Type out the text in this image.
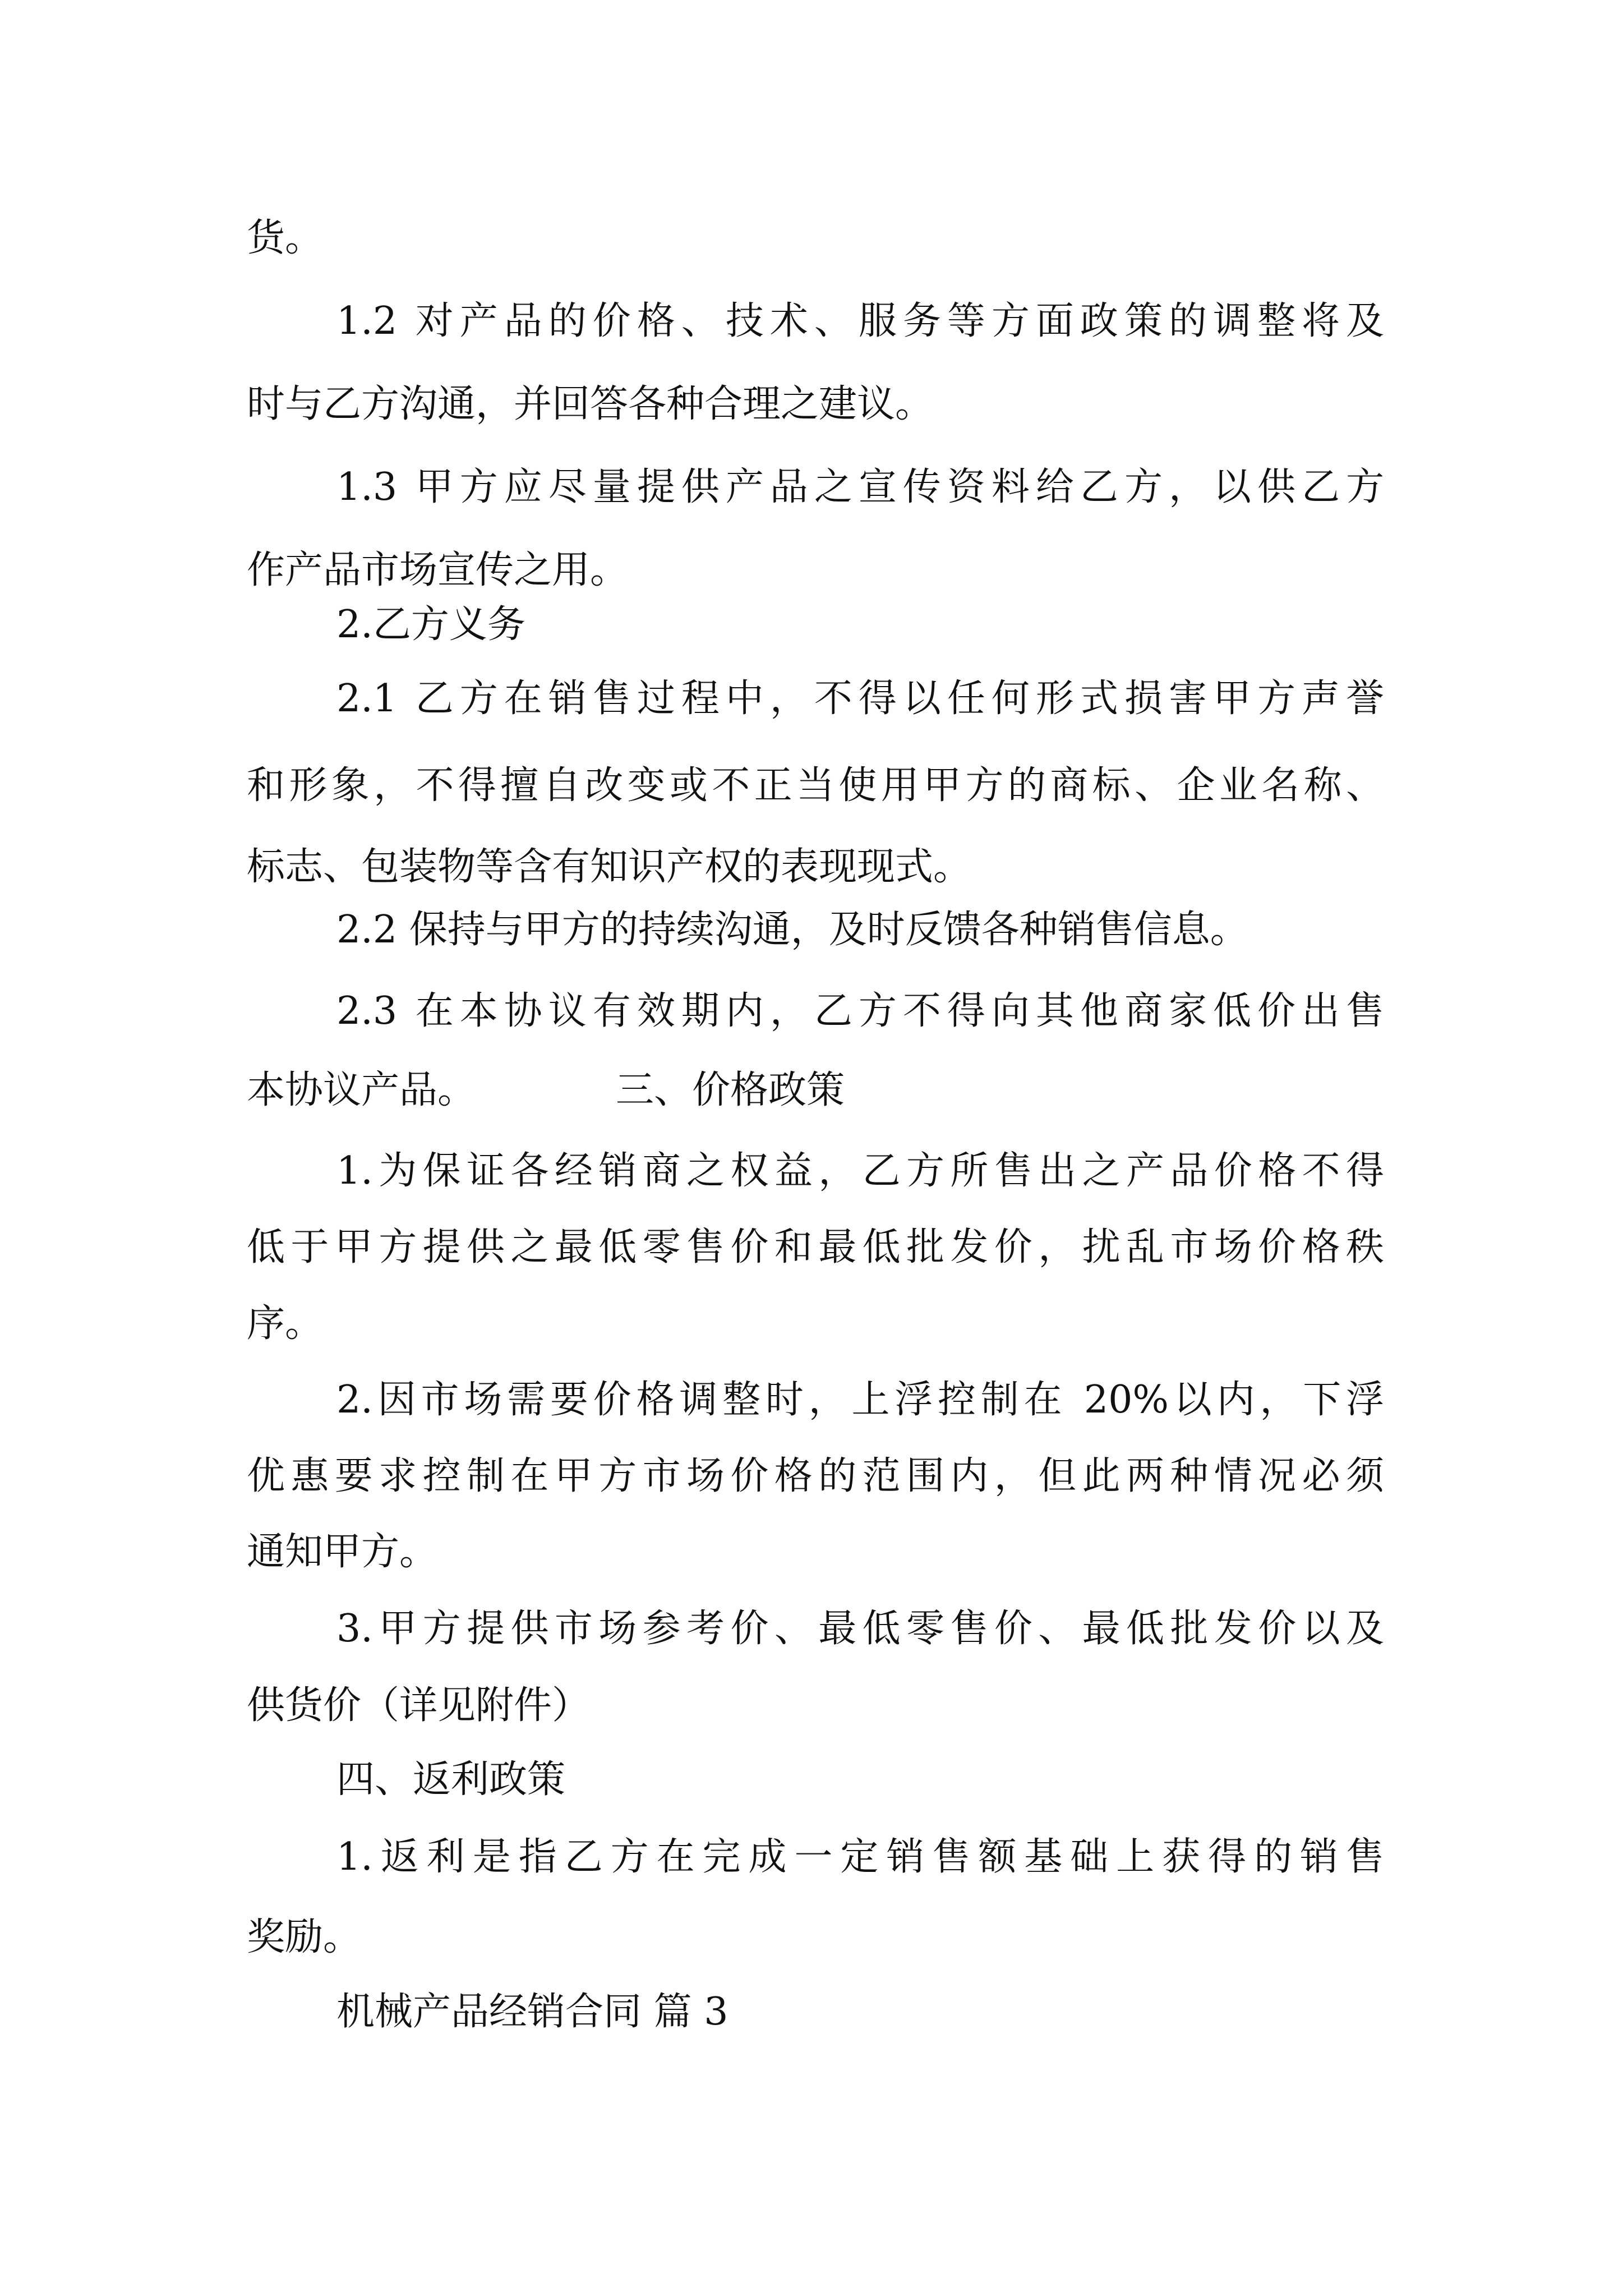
货。
1.2 对产品的价格、技术、服务等方面政策的调整将及
时与乙方沟通，并回答各种合理之建议。
1.3 甲方应尽量提供产品之宣传资料给乙方，以供乙方
作产品市场宣传之用。
2.乙方义务
2.1 乙方在销售过程中，不得以任何形式损害甲方声誉
和形象，不得擅自改变或不正当使用甲方的商标、企业名称、
标志、包装物等含有知识产权的表现现式。
2.2 保持与甲方的持续沟通，及时反馈各种销售信息。
2.3 在本协议有效期内，乙方不得向其他商家低价出售
本协议产品。	三、价格政策
1.为保证各经销商之权益，乙方所售出之产品价格不得
低于甲方提供之最低零售价和最低批发价，扰乱市场价格秩
序。
2.因市场需要价格调整时，上浮控制在 20%以内，下浮
优惠要求控制在甲方市场价格的范围内，但此两种情况必须
通知甲方。
3.甲方提供市场参考价、最低零售价、最低批发价以及
供货价（详见附件）
四、返利政策
1.返利是指乙方在完成一定销售额基础上获得的销售
奖励。
机械产品经销合同 篇 3
